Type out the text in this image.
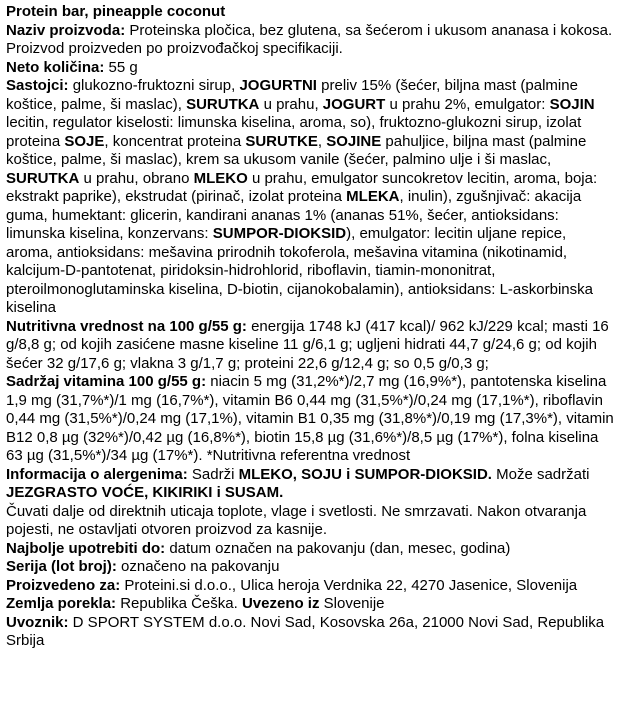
Protein bar, pineapple coconut

Naziv proizvoda: Proteinska pločica, bez glutena, sa šećerom i ukusom ananasa i kokosa. Proizvod proizveden po proizvođačkoj specifikaciji.

Neto količina: 55 g

Sastojci: glukozno-fruktozni sirup, JOGURTNI preliv 15% (šećer, biljna mast (palmine koštice, palme, ši maslac), SURUTKA u prahu, JOGURT u prahu 2%, emulgator: SOJIN lecitin, regulator kiselosti: limunska kiselina, aroma, so), fruktozno-glukozni sirup, izolat proteina SOJE, koncentrat proteina SURUTKE, SOJINE pahuljice, biljna mast (palmine koštice, palme, ši maslac), krem sa ukusom vanile (šećer, palmino ulje i ši maslac, SURUTKA u prahu, obrano MLEKO u prahu, emulgator suncokretov lecitin, aroma, boja: ekstrakt paprike), ekstrudat (pirinač, izolat proteina MLEKA, inulin), zgušnjivač: akacija guma, humektant: glicerin, kandirani ananas 1% (ananas 51%, šećer, antioksidans: limunska kiselina, konzervans: SUMPOR-DIOKSID), emulgator: lecitin uljane repice, aroma, antioksidans: mešavina prirodnih tokoferola, mešavina vitamina (nikotinamid, kalcijum-D-pantotenat, piridoksin-hidrohlorid, riboflavin, tiamin-mononitrat, pteroilmonoglutaminska kiselina, D-biotin, cijanokobalamin), antioksidans: L-askorbinska kiselina

Nutritivna vrednost na 100 g/55 g: energija 1748 kJ (417 kcal)/ 962 kJ/229 kcal; masti 16 g/8,8 g; od kojih zasićene masne kiseline 11 g/6,1 g; ugljeni hidrati 44,7 g/24,6 g; od kojih šećer 32 g/17,6 g; vlakna 3 g/1,7 g; proteini 22,6 g/12,4 g; so 0,5 g/0,3 g;

Sadržaj vitamina 100 g/55 g: niacin 5 mg (31,2%*)/2,7 mg (16,9%*), pantotenska kiselina 1,9 mg (31,7%*)/1 mg (16,7%*), vitamin B6 0,44 mg (31,5%*)/0,24 mg (17,1%*), riboflavin 0,44 mg (31,5%*)/0,24 mg (17,1%), vitamin B1 0,35 mg (31,8%*)/0,19 mg (17,3%*), vitamin B12 0,8 µg (32%*)/0,42 µg (16,8%*), biotin 15,8 µg (31,6%*)/8,5 µg (17%*), folna kiselina 63 µg (31,5%*)/34 µg (17%*). *Nutritivna referentna vrednost

Informacija o alergenima: Sadrži MLEKO, SOJU i SUMPOR-DIOKSID. Može sadržati JEZGRASTO VOĆE, KIKIRIKI i SUSAM.

Čuvati dalje od direktnih uticaja toplote, vlage i svetlosti. Ne smrzavati. Nakon otvaranja pojesti, ne ostavljati otvoren proizvod za kasnije.

Najbolje upotrebiti do: datum označen na pakovanju (dan, mesec, godina)

Serija (lot broj): označeno na pakovanju

Proizvedeno za: Proteini.si d.o.o., Ulica heroja Verdnika 22, 4270 Jasenice, Slovenija

Zemlja porekla: Republika Češka. Uvezeno iz Slovenije

Uvoznik: D SPORT SYSTEM d.o.o. Novi Sad, Kosovska 26a, 21000 Novi Sad, Republika Srbija
